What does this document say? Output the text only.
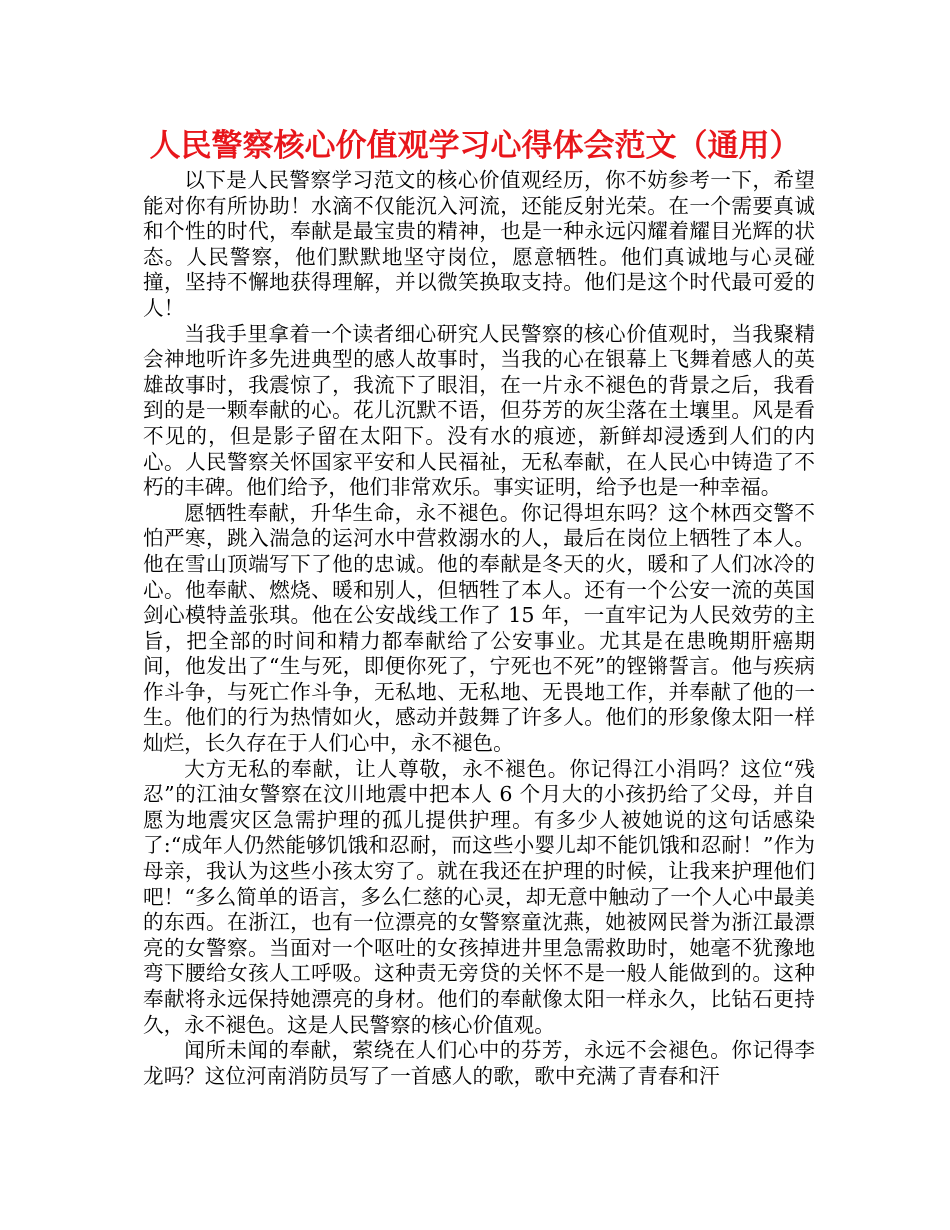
人民警察核心价值观学习心得体会范文（通用）

以下是人民警察学习范文的核心价值观经历，你不妨参考一下，希望能对你有所协助！水滴不仅能沉入河流，还能反射光荣。在一个需要真诚和个性的时代，奉献是最宝贵的精神，也是一种永远闪耀着耀目光辉的状态。人民警察，他们默默地坚守岗位，愿意牺牲。他们真诚地与心灵碰撞，坚持不懈地获得理解，并以微笑换取支持。他们是这个时代最可爱的人！

当我手里拿着一个读者细心研究人民警察的核心价值观时，当我聚精会神地听许多先进典型的感人故事时，当我的心在银幕上飞舞着感人的英雄故事时，我震惊了，我流下了眼泪，在一片永不褪色的背景之后，我看到的是一颗奉献的心。花儿沉默不语，但芬芳的灰尘落在土壤里。风是看不见的，但是影子留在太阳下。没有水的痕迹，新鲜却浸透到人们的内心。人民警察关怀国家平安和人民福祉，无私奉献，在人民心中铸造了不朽的丰碑。他们给予，他们非常欢乐。事实证明，给予也是一种幸福。

愿牺牲奉献，升华生命，永不褪色。你记得坦东吗？这个林西交警不怕严寒，跳入湍急的运河水中营救溺水的人，最后在岗位上牺牲了本人。他在雪山顶端写下了他的忠诚。他的奉献是冬天的火，暖和了人们冰冷的心。他奉献、燃烧、暖和别人，但牺牲了本人。还有一个公安一流的英国剑心模特盖张琪。他在公安战线工作了 15 年，一直牢记为人民效劳的主旨，把全部的时间和精力都奉献给了公安事业。尤其是在患晚期肝癌期间，他发出了“生与死，即便你死了，宁死也不死”的铿锵誓言。他与疾病作斗争，与死亡作斗争，无私地、无私地、无畏地工作，并奉献了他的一生。他们的行为热情如火，感动并鼓舞了许多人。他们的形象像太阳一样灿烂，长久存在于人们心中，永不褪色。

大方无私的奉献，让人尊敬，永不褪色。你记得江小涓吗？这位“残忍”的江油女警察在汶川地震中把本人 6 个月大的小孩扔给了父母，并自愿为地震灾区急需护理的孤儿提供护理。有多少人被她说的这句话感染了:“成年人仍然能够饥饿和忍耐，而这些小婴儿却不能饥饿和忍耐！”作为母亲，我认为这些小孩太穷了。就在我还在护理的时候，让我来护理他们吧！“多么简单的语言，多么仁慈的心灵，却无意中触动了一个人心中最美的东西。在浙江，也有一位漂亮的女警察童沈燕，她被网民誉为浙江最漂亮的女警察。当面对一个呕吐的女孩掉进井里急需救助时，她毫不犹豫地弯下腰给女孩人工呼吸。这种责无旁贷的关怀不是一般人能做到的。这种奉献将永远保持她漂亮的身材。他们的奉献像太阳一样永久，比钻石更持久，永不褪色。这是人民警察的核心价值观。

闻所未闻的奉献，萦绕在人们心中的芬芳，永远不会褪色。你记得李龙吗？这位河南消防员写了一首感人的歌，歌中充满了青春和汗
